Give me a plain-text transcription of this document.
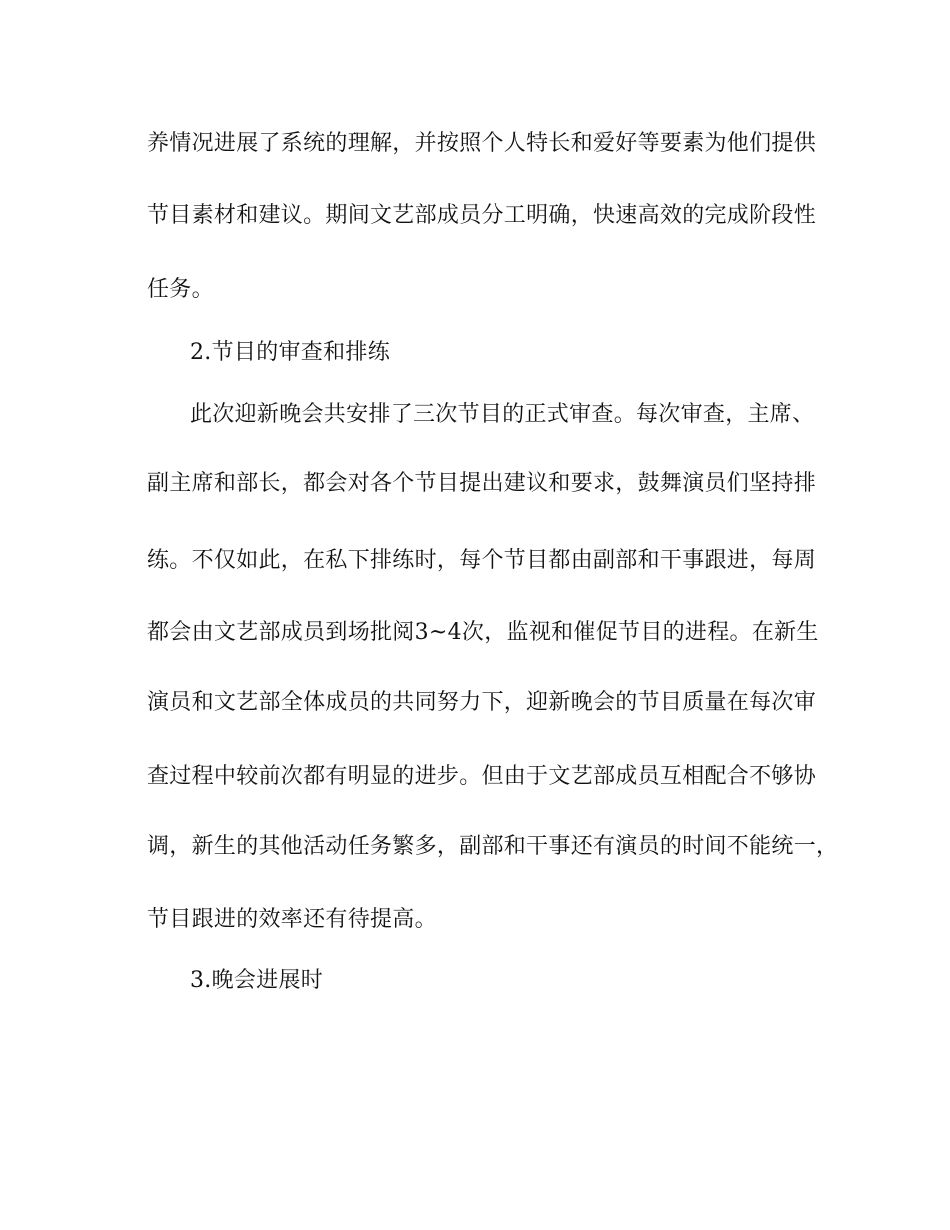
养情况进展了系统的理解，并按照个人特长和爱好等要素为他们提供
节目素材和建议。期间文艺部成员分工明确，快速高效的完成阶段性
任务。
2.节目的审查和排练
此次迎新晚会共安排了三次节目的正式审查。每次审查，主席、
副主席和部长，都会对各个节目提出建议和要求，鼓舞演员们坚持排
练。不仅如此，在私下排练时，每个节目都由副部和干事跟进，每周
都会由文艺部成员到场批阅3~4次，监视和催促节目的进程。在新生
演员和文艺部全体成员的共同努力下，迎新晚会的节目质量在每次审
查过程中较前次都有明显的进步。但由于文艺部成员互相配合不够协
调，新生的其他活动任务繁多，副部和干事还有演员的时间不能统一，
节目跟进的效率还有待提高。
3.晚会进展时
